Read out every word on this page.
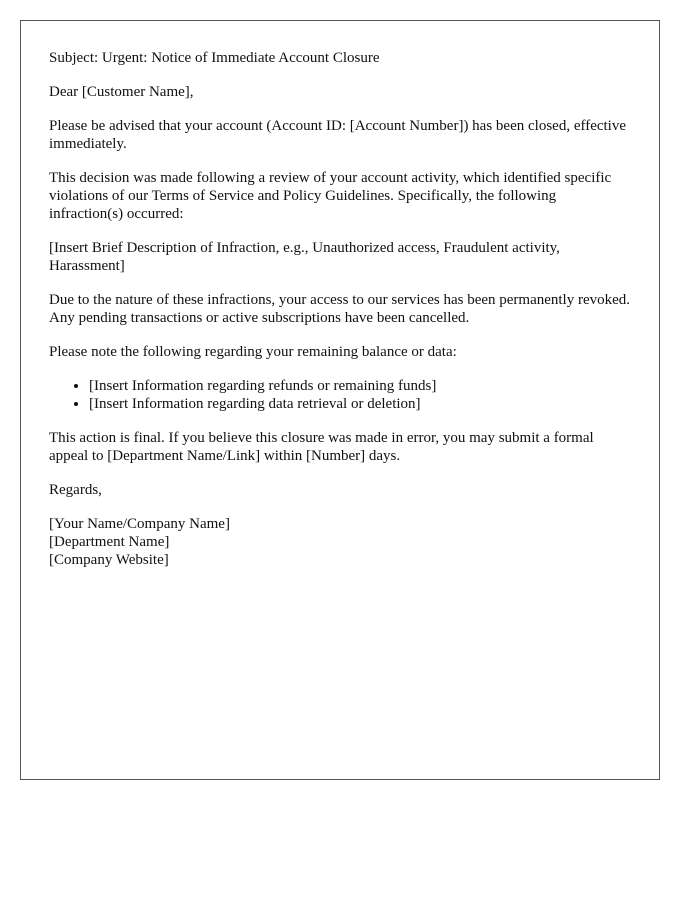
Subject: Urgent: Notice of Immediate Account Closure

Dear [Customer Name],

Please be advised that your account (Account ID: [Account Number]) has been closed, effective immediately.

This decision was made following a review of your account activity, which identified specific violations of our Terms of Service and Policy Guidelines. Specifically, the following infraction(s) occurred:

[Insert Brief Description of Infraction, e.g., Unauthorized access, Fraudulent activity, Harassment]

Due to the nature of these infractions, your access to our services has been permanently revoked. Any pending transactions or active subscriptions have been cancelled.

Please note the following regarding your remaining balance or data:

• [Insert Information regarding refunds or remaining funds]
• [Insert Information regarding data retrieval or deletion]

This action is final. If you believe this closure was made in error, you may submit a formal appeal to [Department Name/Link] within [Number] days.

Regards,

[Your Name/Company Name]

[Department Name]

[Company Website]
